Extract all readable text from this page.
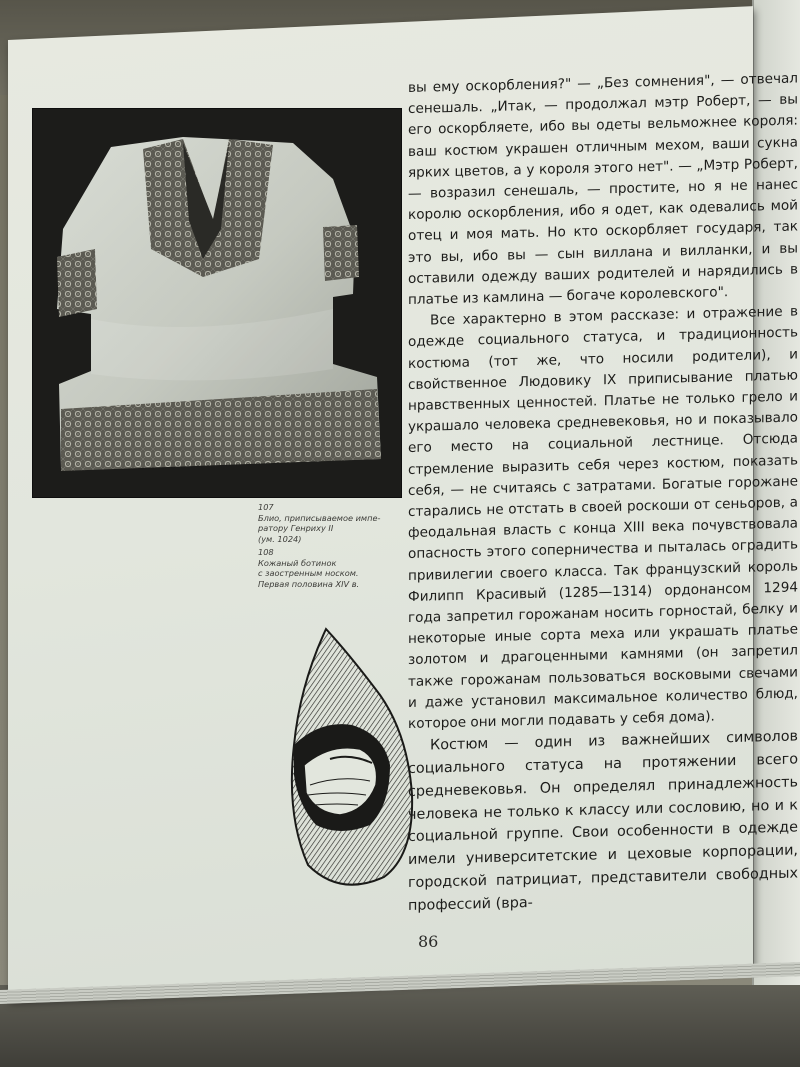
107
Блио, приписываемое импе-
ратору Генриху II
(ум. 1024)
108
Кожаный ботинок
с заостренным носком.
Первая половина XIV в.

вы ему оскорбления?" — „Без сомнения", — отвечал сенешаль. „Итак, — продолжал мэтр Роберт, — вы его оскорбляете, ибо вы одеты вельможнее короля: ваш костюм украшен отличным мехом, ваши сукна ярких цветов, а у короля этого нет". — „Мэтр Роберт, — возразил сенешаль, — простите, но я не нанес королю оскорбления, ибо я одет, как одевались мой отец и моя мать. Но кто оскорбляет государя, так это вы, ибо вы — сын виллана и вилланки, и вы оставили одежду ваших родителей и нарядились в платье из камлина — богаче королевского".

Все характерно в этом рассказе: и отражение в одежде социального статуса, и традиционность костюма (тот же, что носили родители), и свойственное Людовику IX приписывание платью нравственных ценностей. Платье не только грело и украшало человека средневековья, но и показывало его место на социальной лестнице. Отсюда стремление выразить себя через костюм, показать себя, — не считаясь с затратами. Богатые горожане старались не отстать в своей роскоши от сеньоров, а феодальная власть с конца XIII века почувствовала опасность этого соперничества и пыталась оградить привилегии своего класса. Так французский король Филипп Красивый (1285—1314) ордонансом 1294 года запретил горожанам носить горностай, белку и некоторые иные сорта меха или украшать платье золотом и драгоценными камнями (он запретил также горожанам пользоваться восковыми свечами и даже установил максимальное количество блюд, которое они могли подавать у себя дома).

Костюм — один из важнейших символов социального статуса на протяжении всего средневековья. Он определял принадлежность человека не только к классу или сословию, но и к социальной группе. Свои особенности в одежде имели университетские и цеховые корпорации, городской патрициат, представители свободных профессий (вра-

86
